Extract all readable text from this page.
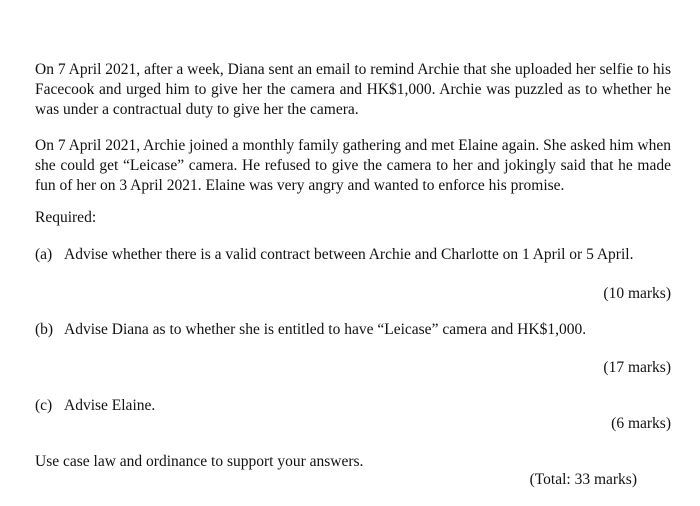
On 7 April 2021, after a week, Diana sent an email to remind Archie that she uploaded her selfie to his Facecook and urged him to give her the camera and HK$1,000. Archie was puzzled as to whether he was under a contractual duty to give her the camera.

On 7 April 2021, Archie joined a monthly family gathering and met Elaine again. She asked him when she could get “Leicase” camera. He refused to give the camera to her and jokingly said that he made fun of her on 3 April 2021. Elaine was very angry and wanted to enforce his promise.

Required:

(a) Advise whether there is a valid contract between Archie and Charlotte on 1 April or 5 April.
(10 marks)
(b) Advise Diana as to whether she is entitled to have “Leicase” camera and HK$1,000.
(17 marks)
(c) Advise Elaine.
(6 marks)

Use case law and ordinance to support your answers.

(Total: 33 marks)
